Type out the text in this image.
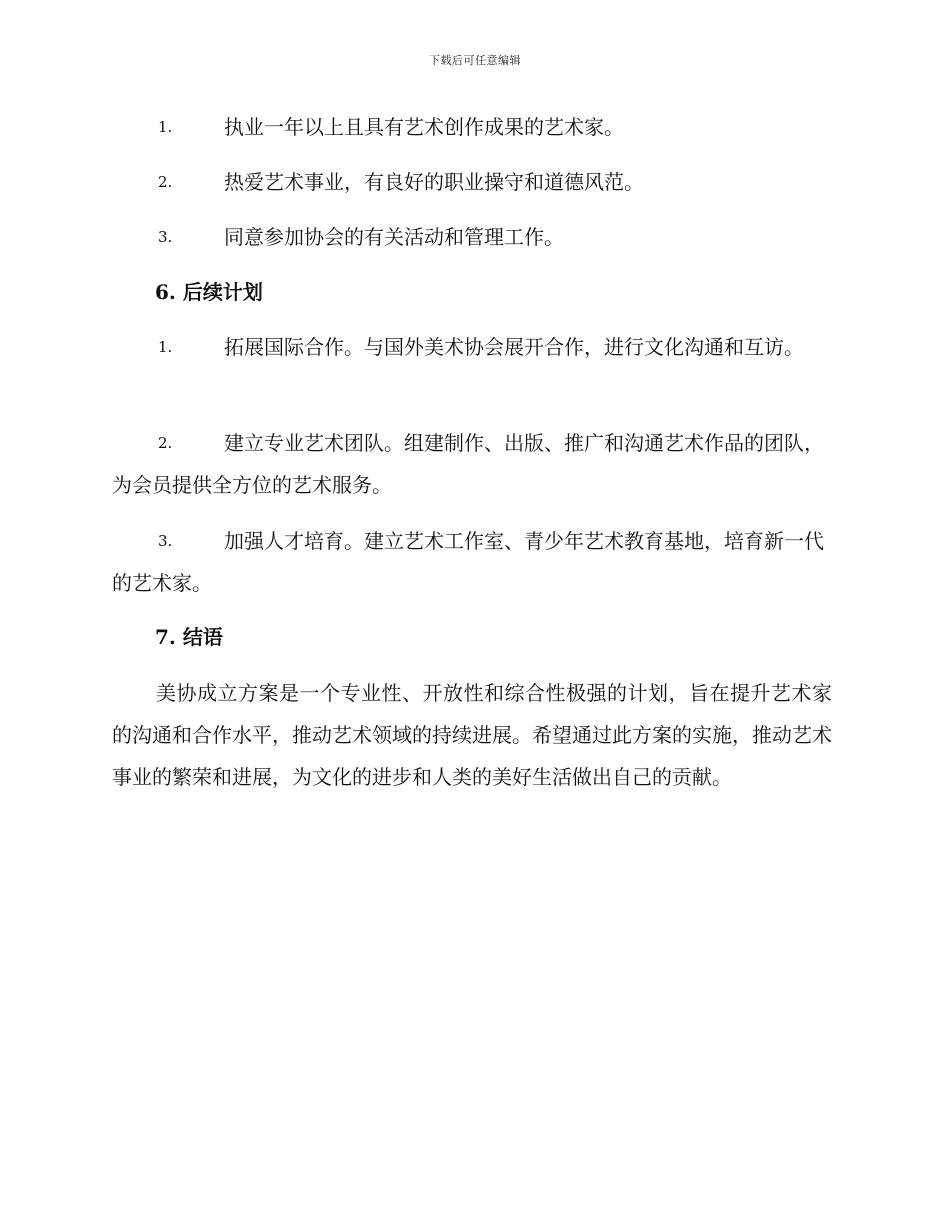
下载后可任意编辑
1.	执业一年以上且具有艺术创作成果的艺术家。
2.	热爱艺术事业，有良好的职业操守和道德风范。
3.	同意参加协会的有关活动和管理工作。
6. 后续计划
1.	拓展国际合作。与国外美术协会展开合作，进行文化沟通和互访。
2.	建立专业艺术团队。组建制作、出版、推广和沟通艺术作品的团队，为会员提供全方位的艺术服务。
3.	加强人才培育。建立艺术工作室、青少年艺术教育基地，培育新一代的艺术家。
7. 结语
美协成立方案是一个专业性、开放性和综合性极强的计划，旨在提升艺术家的沟通和合作水平，推动艺术领域的持续进展。希望通过此方案的实施，推动艺术事业的繁荣和进展，为文化的进步和人类的美好生活做出自己的贡献。
